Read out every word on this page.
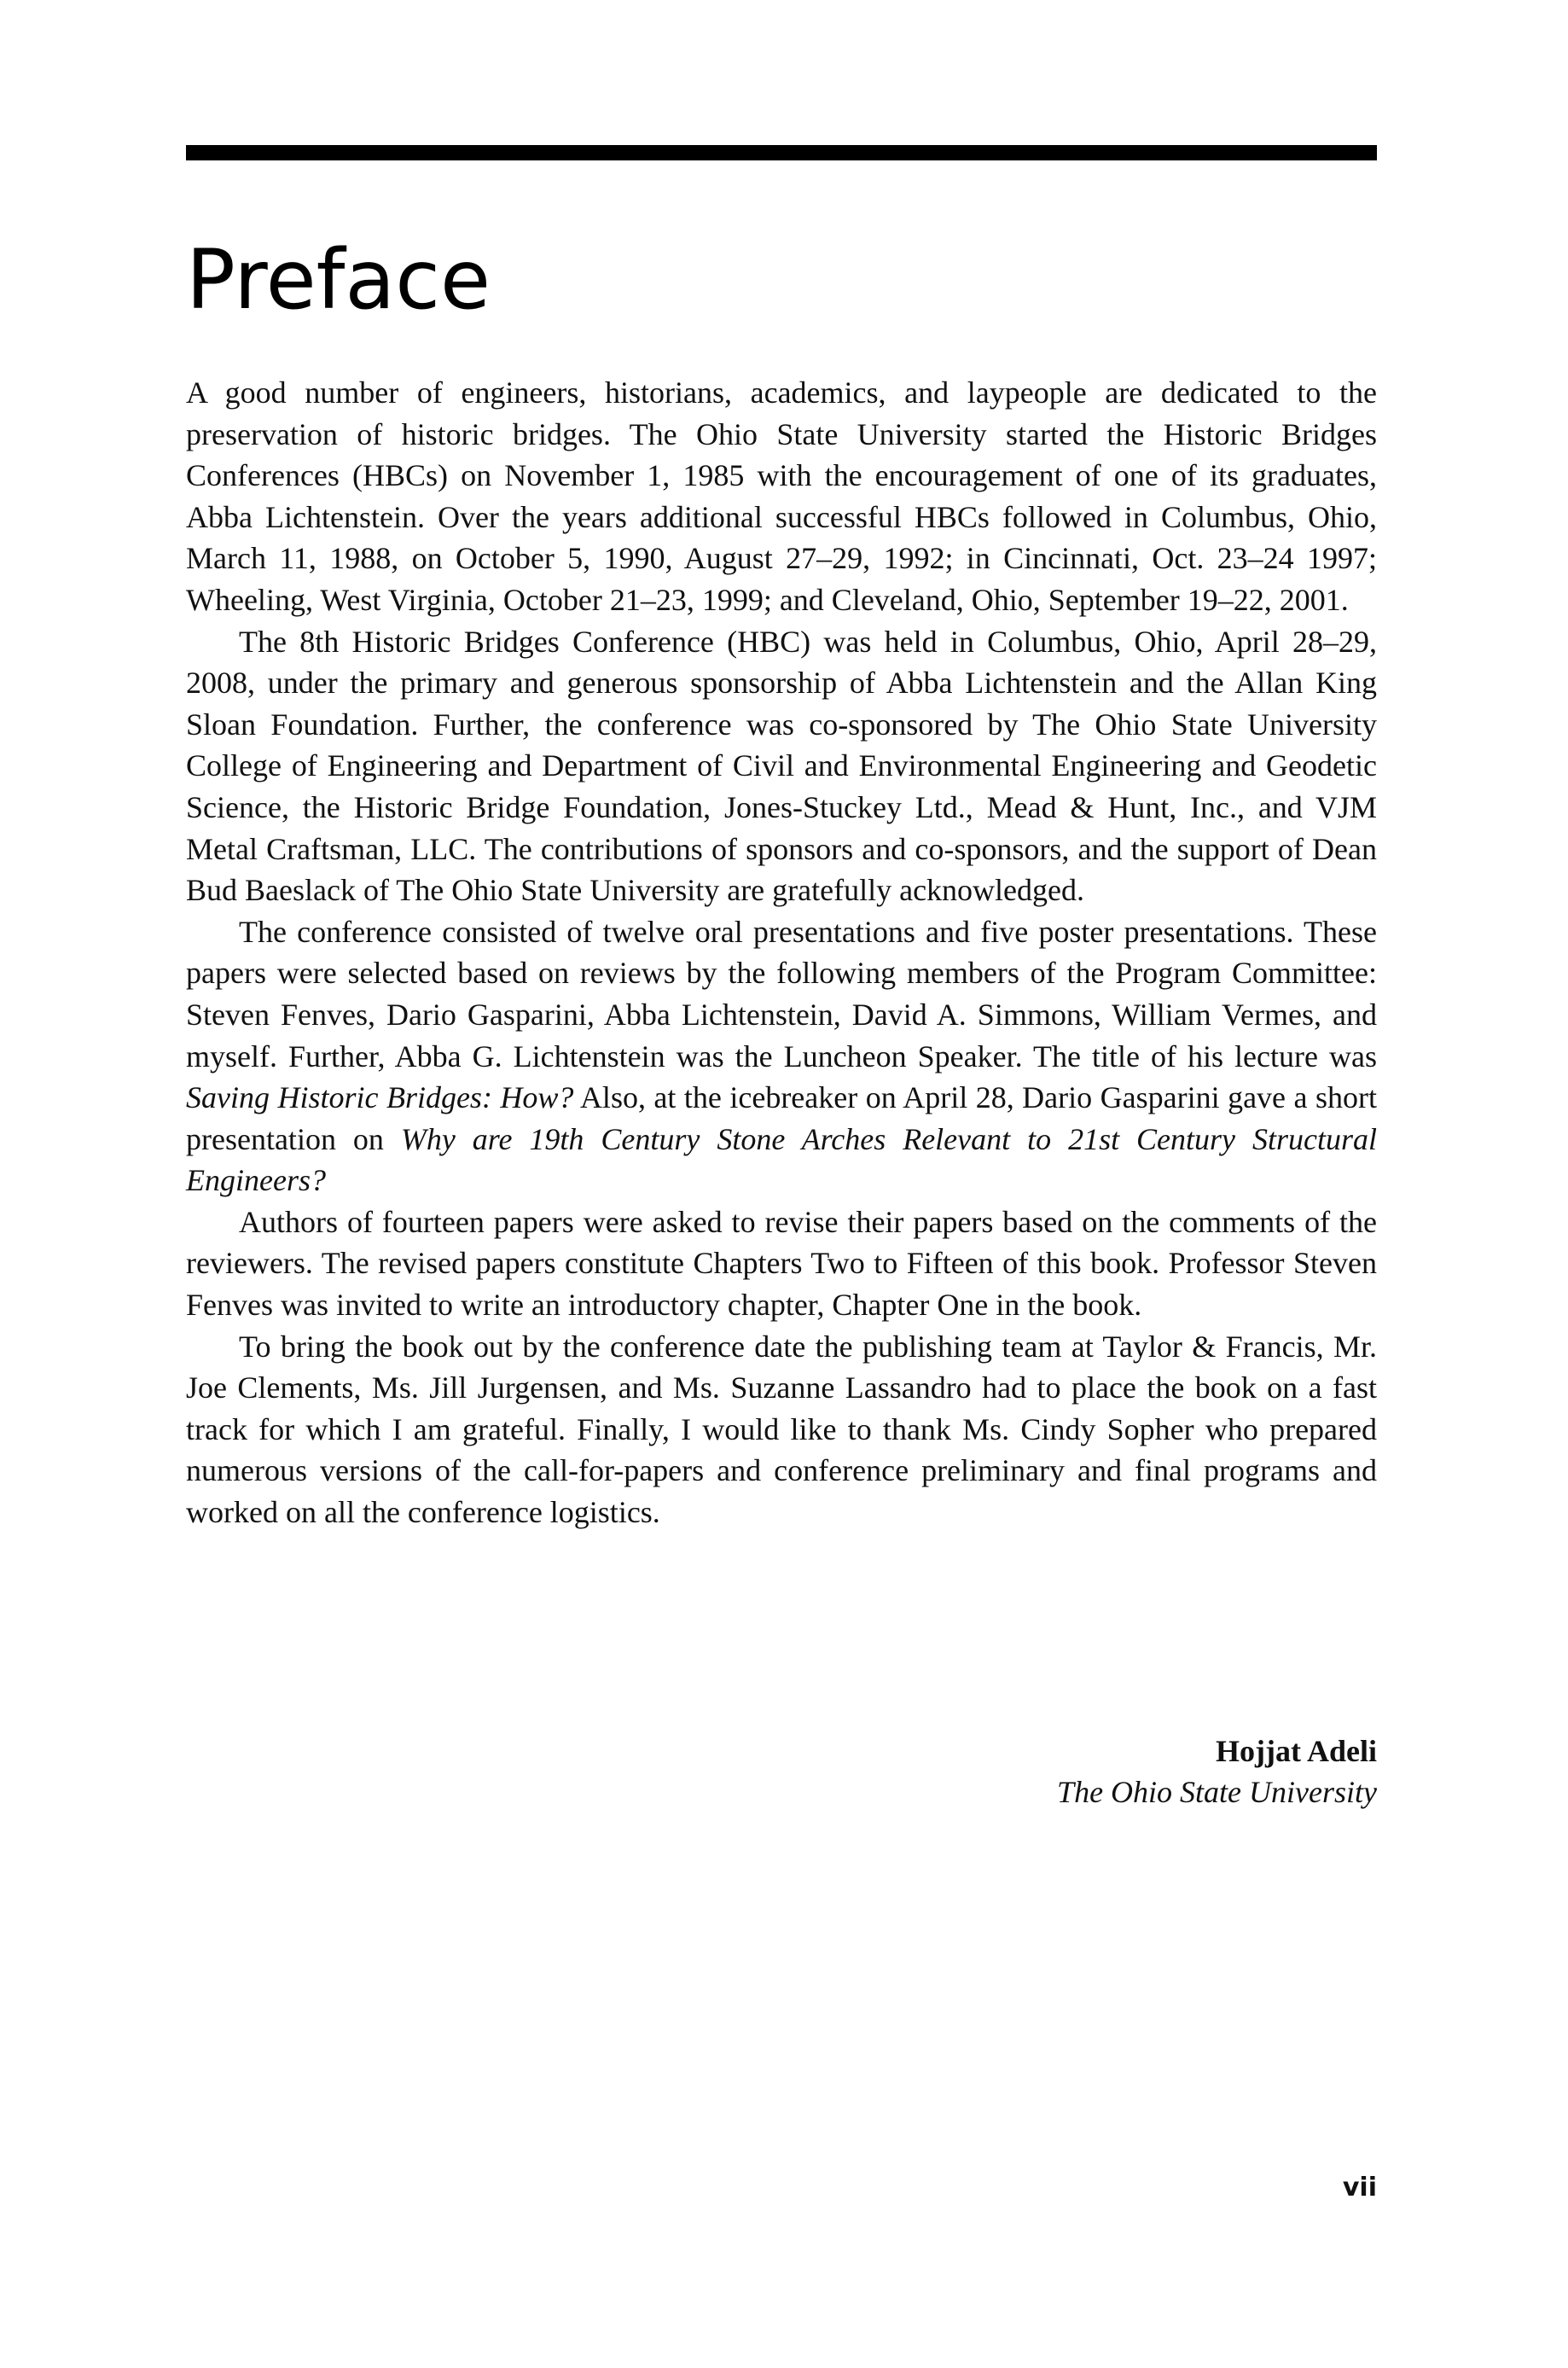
Preface

A good number of engineers, historians, academics, and laypeople are dedicated to the preservation of historic bridges. The Ohio State University started the Historic Bridges Conferences (HBCs) on November 1, 1985 with the encouragement of one of its graduates, Abba Lichtenstein. Over the years additional successful HBCs followed in Columbus, Ohio, March 11, 1988, on October 5, 1990, August 27–29, 1992; in Cincinnati, Oct. 23–24 1997; Wheeling, West Virginia, October 21–23, 1999; and Cleveland, Ohio, September 19–22, 2001.

The 8th Historic Bridges Conference (HBC) was held in Columbus, Ohio, April 28–29, 2008, under the primary and generous sponsorship of Abba Lichtenstein and the Allan King Sloan Foundation. Further, the conference was co-sponsored by The Ohio State University College of Engineering and Department of Civil and Environmental Engineering and Geodetic Science, the Historic Bridge Foundation, Jones-Stuckey Ltd., Mead & Hunt, Inc., and VJM Metal Craftsman, LLC. The contributions of sponsors and co-sponsors, and the support of Dean Bud Baeslack of The Ohio State University are gratefully acknowledged.

The conference consisted of twelve oral presentations and five poster presentations. These papers were selected based on reviews by the following members of the Program Committee: Steven Fenves, Dario Gasparini, Abba Lichtenstein, David A. Simmons, William Vermes, and myself. Further, Abba G. Lichtenstein was the Luncheon Speaker. The title of his lecture was Saving Historic Bridges: How? Also, at the icebreaker on April 28, Dario Gasparini gave a short presentation on Why are 19th Century Stone Arches Relevant to 21st Century Structural Engineers?

Authors of fourteen papers were asked to revise their papers based on the comments of the reviewers. The revised papers constitute Chapters Two to Fifteen of this book. Professor Steven Fenves was invited to write an introductory chapter, Chapter One in the book.

To bring the book out by the conference date the publishing team at Taylor & Francis, Mr. Joe Clements, Ms. Jill Jurgensen, and Ms. Suzanne Lassandro had to place the book on a fast track for which I am grateful. Finally, I would like to thank Ms. Cindy Sopher who prepared numerous versions of the call-for-papers and conference preliminary and final programs and worked on all the conference logistics.

Hojjat Adeli
The Ohio State University
vii
